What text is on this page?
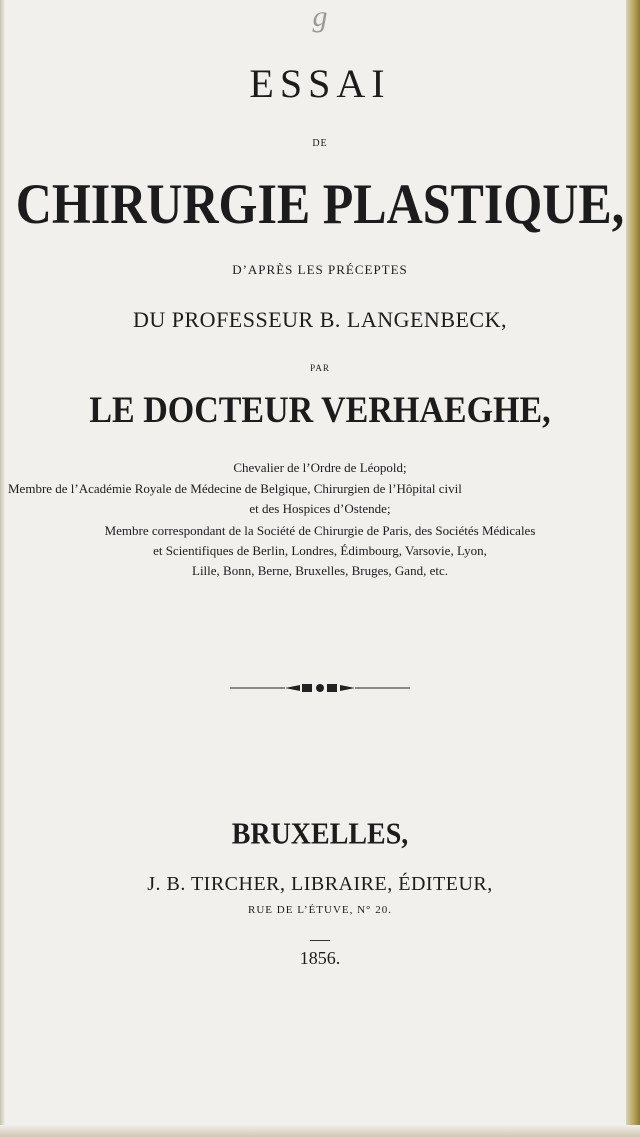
g
ESSAI
DE
CHIRURGIE PLASTIQUE,
D’APRÈS LES PRÉCEPTES
DU PROFESSEUR B. LANGENBECK,
PAR
LE DOCTEUR VERHAEGHE,
Chevalier de l’Ordre de Léopold;
Membre de l’Académie Royale de Médecine de Belgique, Chirurgien de l’Hôpital civil
et des Hospices d’Ostende;
Membre correspondant de la Société de Chirurgie de Paris, des Sociétés Médicales
et Scientifiques de Berlin, Londres, Édimbourg, Varsovie, Lyon,
Lille, Bonn, Berne, Bruxelles, Bruges, Gand, etc.
BRUXELLES,
J. B. TIRCHER, LIBRAIRE, ÉDITEUR,
RUE DE L’ÉTUVE, N° 20.
1856.
